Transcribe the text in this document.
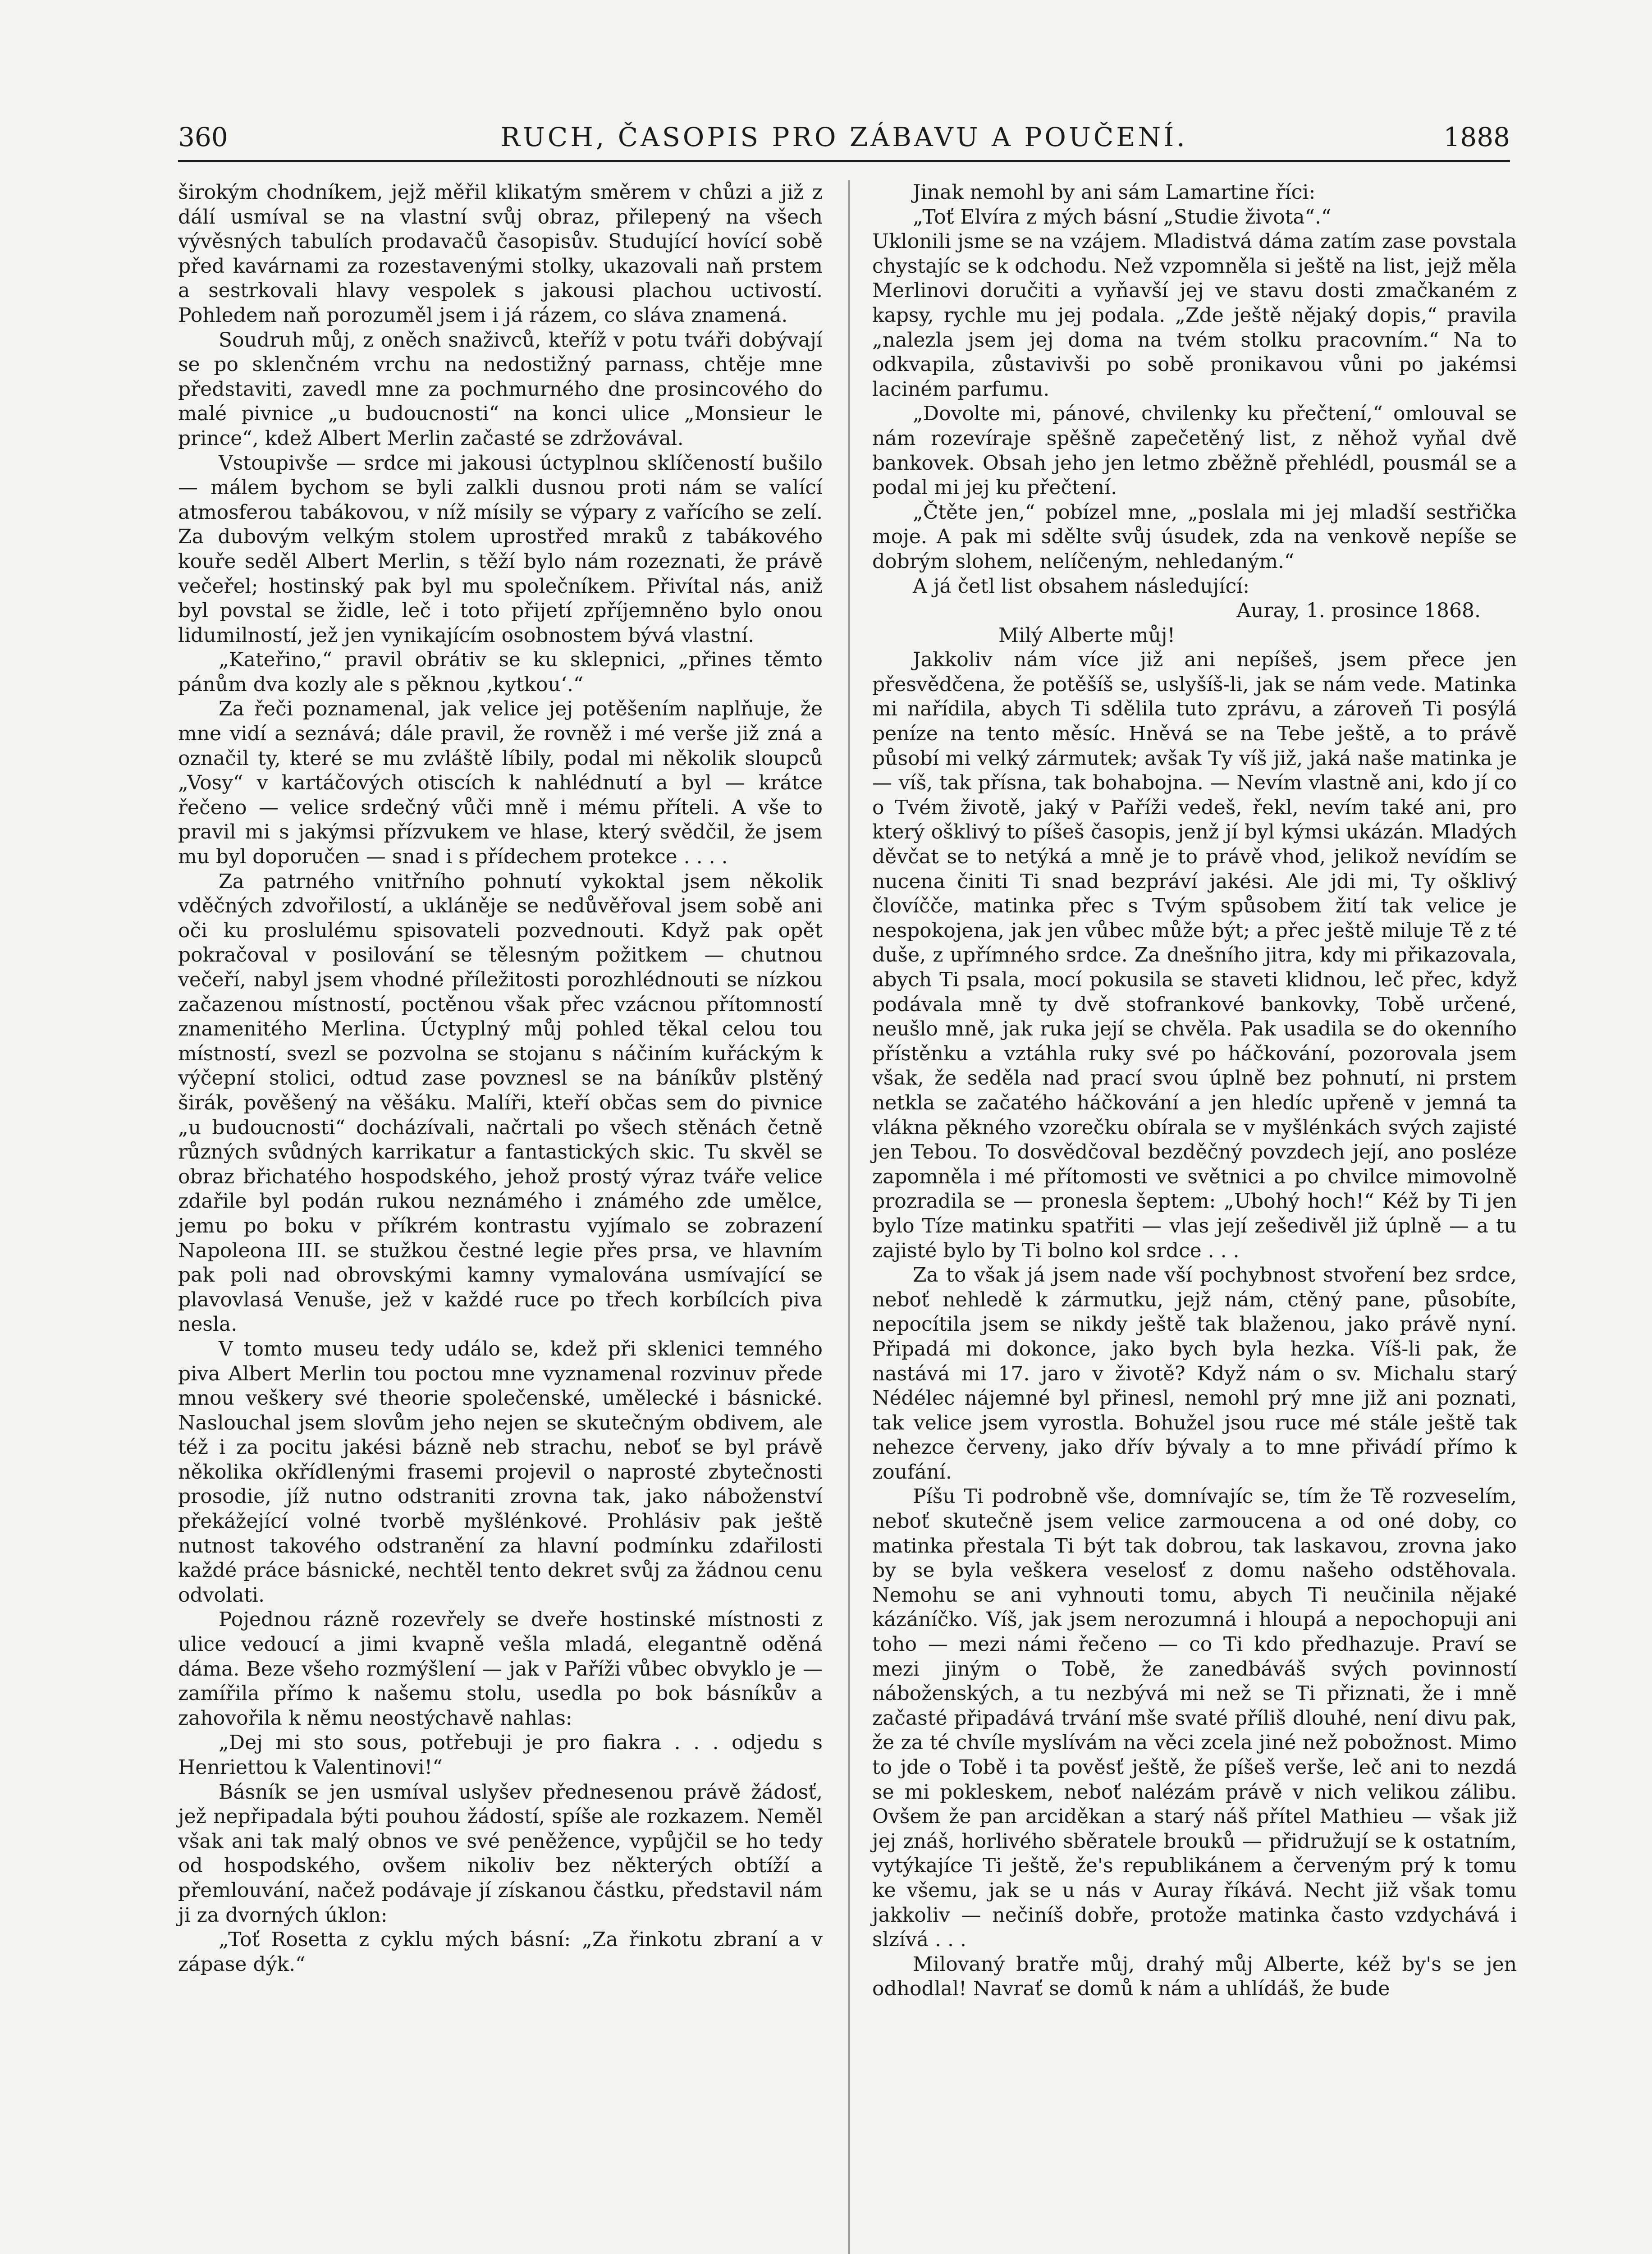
360	RUCH, ČASOPIS PRO ZÁBAVU A POUČENÍ.	1888

širokým chodníkem, jejž měřil klikatým směrem v chůzi a již z dálí usmíval se na vlastní svůj obraz, přilepený na všech vývěsných tabulích prodavačů časopisův. Studující hovící sobě před kavárnami za rozestavenými stolky, ukazovali naň prstem a sestrkovali hlavy vespolek s jakousi plachou uctivostí. Pohledem naň porozuměl jsem i já rázem, co sláva znamená.

Soudruh můj, z oněch snaživců, kteříž v potu tváři dobývají se po sklenčném vrchu na nedostižný parnass, chtěje mne představiti, zavedl mne za pochmurného dne prosincového do malé pivnice „u budoucnosti“ na konci ulice „Monsieur le prince“, kdež Albert Merlin začasté se zdržovával.

Vstoupivše — srdce mi jakousi úctyplnou sklíčeností bušilo — málem bychom se byli zalkli dusnou proti nám se valící atmosferou tabákovou, v níž mísily se výpary z vařícího se zelí. Za dubovým velkým stolem uprostřed mraků z tabákového kouře seděl Albert Merlin, s těží bylo nám rozeznati, že právě večeřel; hostinský pak byl mu společníkem. Přivítal nás, aniž byl povstal se židle, leč i toto přijetí zpříjemněno bylo onou lidumilností, jež jen vynikajícím osobnostem bývá vlastní.

„Kateřino,“ pravil obrátiv se ku sklepnici, „přines těmto pánům dva kozly ale s pěknou ‚kytkou‘.“

Za řeči poznamenal, jak velice jej potěšením naplňuje, že mne vidí a seznává; dále pravil, že rovněž i mé verše již zná a označil ty, které se mu zvláště líbily, podal mi několik sloupců „Vosy“ v kartáčových otiscích k nahlédnutí a byl — krátce řečeno — velice srdečný vůči mně i mému příteli. A vše to pravil mi s jakýmsi přízvukem ve hlase, který svědčil, že jsem mu byl doporučen — snad i s přídechem protekce . . . .

Za patrného vnitřního pohnutí vykoktal jsem několik vděčných zdvořilostí, a ukláněje se nedůvěřoval jsem sobě ani oči ku proslulému spisovateli pozvednouti. Když pak opět pokračoval v posilování se tělesným požitkem — chutnou večeří, nabyl jsem vhodné příležitosti porozhlédnouti se nízkou začazenou místností, poctěnou však přec vzácnou přítomností znamenitého Merlina. Úctyplný můj pohled těkal celou tou místností, svezl se pozvolna se stojanu s náčiním kuřáckým k výčepní stolici, odtud zase povznesl se na báníkův plstěný širák, pověšený na věšáku. Malíři, kteří občas sem do pivnice „u budoucnosti“ docházívali, načrtali po všech stěnách četně různých svůdných karrikatur a fantastických skic. Tu skvěl se obraz břichatého hospodského, jehož prostý výraz tváře velice zdařile byl podán rukou neznámého i známého zde umělce, jemu po boku v příkrém kontrastu vyjímalo se zobrazení Napoleona III. se stužkou čestné legie přes prsa, ve hlavním pak poli nad obrovskými kamny vymalována usmívající se plavovlasá Venuše, jež v každé ruce po třech korbílcích piva nesla.

V tomto museu tedy událo se, kdež při sklenici temného piva Albert Merlin tou poctou mne vyznamenal rozvinuv přede mnou veškery své theorie společenské, umělecké i básnické. Naslouchal jsem slovům jeho nejen se skutečným obdivem, ale též i za pocitu jakési bázně neb strachu, neboť se byl právě několika okřídlenými frasemi projevil o naprosté zbytečnosti prosodie, jíž nutno odstraniti zrovna tak, jako náboženství překážející volné tvorbě myšlénkové. Prohlásiv pak ještě nutnost takového odstranění za hlavní podmínku zdařilosti každé práce básnické, nechtěl tento dekret svůj za žádnou cenu odvolati.

Pojednou rázně rozevřely se dveře hostinské místnosti z ulice vedoucí a jimi kvapně vešla mladá, elegantně oděná dáma. Beze všeho rozmýšlení — jak v Paříži vůbec obvyklo je — zamířila přímo k našemu stolu, usedla po bok básníkův a zahovořila k němu neostýchavě nahlas:

„Dej mi sto sous, potřebuji je pro fiakra . . . odjedu s Henriettou k Valentinovi!“

Básník se jen usmíval uslyšev přednesenou právě žádosť, jež nepřipadala býti pouhou žádostí, spíše ale rozkazem. Neměl však ani tak malý obnos ve své peněžence, vypůjčil se ho tedy od hospodského, ovšem nikoliv bez některých obtíží a přemlouvání, načež podávaje jí získanou částku, představil nám ji za dvorných úklon:

„Toť Rosetta z cyklu mých básní: „Za řinkotu zbraní a v zápase dýk.“

Jinak nemohl by ani sám Lamartine říci:

„Toť Elvíra z mých básní „Studie života“.“

Uklonili jsme se na vzájem. Mladistvá dáma zatím zase povstala chystajíc se k odchodu. Než vzpomněla si ještě na list, jejž měla Merlinovi doručiti a vyňavší jej ve stavu dosti zmačkaném z kapsy, rychle mu jej podala. „Zde ještě nějaký dopis,“ pravila „nalezla jsem jej doma na tvém stolku pracovním.“ Na to odkvapila, zůstavivši po sobě pronikavou vůni po jakémsi laciném parfumu.

„Dovolte mi, pánové, chvilenky ku přečtení,“ omlouval se nám rozevíraje spěšně zapečetěný list, z něhož vyňal dvě bankovek. Obsah jeho jen letmo zběžně přehlédl, pousmál se a podal mi jej ku přečtení.

„Čtěte jen,“ pobízel mne, „poslala mi jej mladší sestřička moje. A pak mi sdělte svůj úsudek, zda na venkově nepíše se dobrým slohem, nelíčeným, nehledaným.“

A já četl list obsahem následující:

Auray, 1. prosince 1868.

Milý Alberte můj!

Jakkoliv nám více již ani nepíšeš, jsem přece jen přesvědčena, že potěšíš se, uslyšíš-li, jak se nám vede. Matinka mi nařídila, abych Ti sdělila tuto zprávu, a zároveň Ti posýlá peníze na tento měsíc. Hněvá se na Tebe ještě, a to právě působí mi velký zármutek; avšak Ty víš již, jaká naše matinka je — víš, tak přísna, tak bohabojna. — Nevím vlastně ani, kdo jí co o Tvém životě, jaký v Paříži vedeš, řekl, nevím také ani, pro který ošklivý to píšeš časopis, jenž jí byl kýmsi ukázán. Mladých děvčat se to netýká a mně je to právě vhod, jelikož nevídím se nucena činiti Ti snad bezpráví jakési. Ale jdi mi, Ty ošklivý človíčče, matinka přec s Tvým spůsobem žití tak velice je nespokojena, jak jen vůbec může být; a přec ještě miluje Tě z té duše, z upřímného srdce. Za dnešního jitra, kdy mi přikazovala, abych Ti psala, mocí pokusila se staveti klidnou, leč přec, když podávala mně ty dvě stofrankové bankovky, Tobě určené, neušlo mně, jak ruka její se chvěla. Pak usadila se do okenního přístěnku a vztáhla ruky své po háčkování, pozorovala jsem však, že seděla nad prací svou úplně bez pohnutí, ni prstem netkla se začatého háčkování a jen hledíc upřeně v jemná ta vlákna pěkného vzorečku obírala se v myšlénkách svých zajisté jen Tebou. To dosvědčoval bezděčný povzdech její, ano posléze zapomněla i mé přítomosti ve světnici a po chvilce mimovolně prozradila se — pronesla šeptem: „Ubohý hoch!“ Kéž by Ti jen bylo Tíze matinku spatřiti — vlas její zešedivěl již úplně — a tu zajisté bylo by Ti bolno kol srdce . . .

Za to však já jsem nade vší pochybnost stvoření bez srdce, neboť nehledě k zármutku, jejž nám, ctěný pane, působíte, nepocítila jsem se nikdy ještě tak blaženou, jako právě nyní. Připadá mi dokonce, jako bych byla hezka. Víš-li pak, že nastává mi 17. jaro v životě? Když nám o sv. Michalu starý Nédélec nájemné byl přinesl, nemohl prý mne již ani poznati, tak velice jsem vyrostla. Bohužel jsou ruce mé stále ještě tak nehezce červeny, jako dřív bývaly a to mne přivádí přímo k zoufání.

Píšu Ti podrobně vše, domnívajíc se, tím že Tě rozveselím, neboť skutečně jsem velice zarmoucena a od oné doby, co matinka přestala Ti být tak dobrou, tak laskavou, zrovna jako by se byla veškera veselosť z domu našeho odstěhovala. Nemohu se ani vyhnouti tomu, abych Ti neučinila nějaké kázáníčko. Víš, jak jsem nerozumná i hloupá a nepochopuji ani toho — mezi námi řečeno — co Ti kdo předhazuje. Praví se mezi jiným o Tobě, že zanedbáváš svých povinností náboženských, a tu nezbývá mi než se Ti přiznati, že i mně začasté připadává trvání mše svaté příliš dlouhé, není divu pak, že za té chvíle myslívám na věci zcela jiné než pobožnost. Mimo to jde o Tobě i ta pověsť ještě, že píšeš verše, leč ani to nezdá se mi pokleskem, neboť nalézám právě v nich velikou zálibu. Ovšem že pan arciděkan a starý náš přítel Mathieu — však již jej znáš, horlivého sběratele brouků — přidružují se k ostatním, vytýkajíce Ti ještě, že's republikánem a červeným prý k tomu ke všemu, jak se u nás v Auray říkává. Necht již však tomu jakkoliv — nečiníš dobře, protože matinka často vzdychává i slzívá . . .

Milovaný bratře můj, drahý můj Alberte, kéž by's se jen odhodlal! Navrať se domů k nám a uhlídáš, že bude
